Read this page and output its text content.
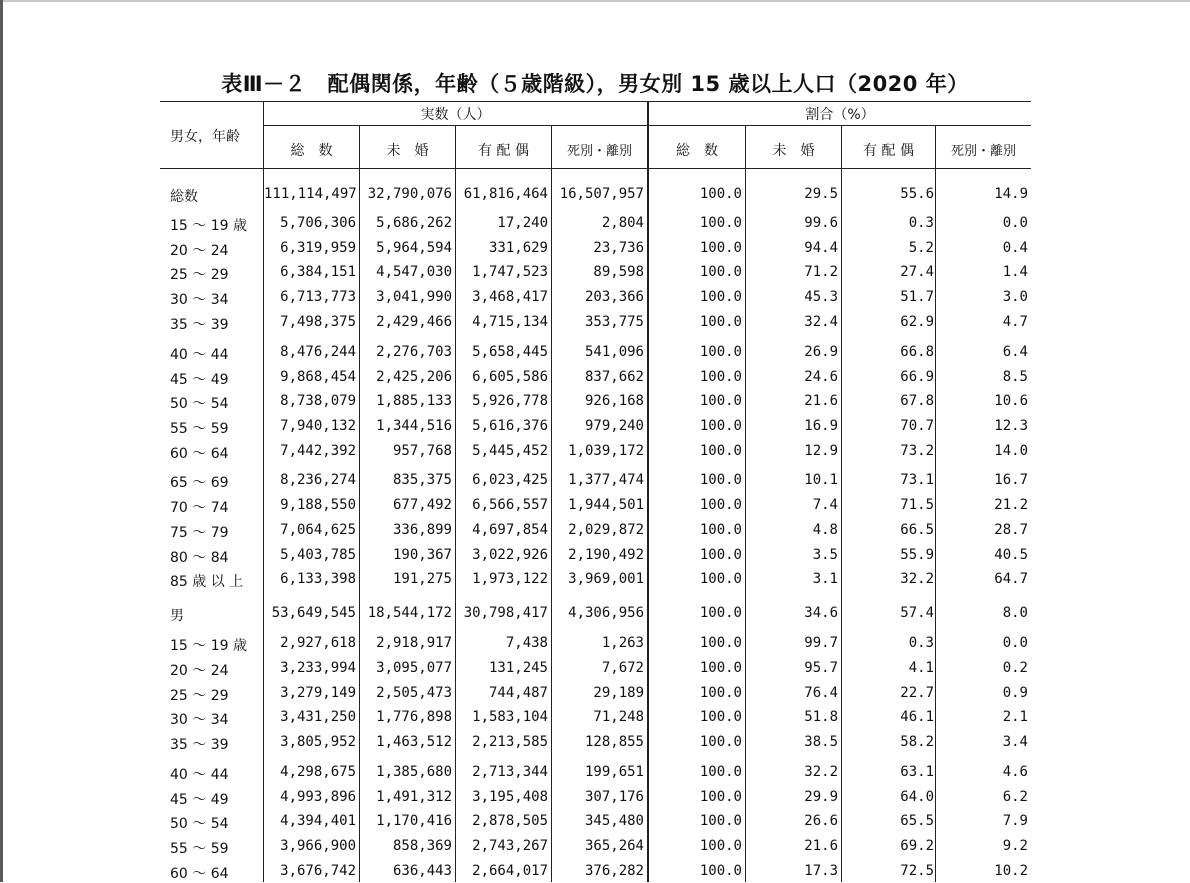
表Ⅲ－２　配偶関係，年齢（５歳階級），男女別 15 歳以上人口（2020 年）
男女，年齢
実数（人）	割合（%）
総　数	未　婚	有 配 偶	死別・離別	総　数	未　婚	有 配 偶	死別・離別
総数	111,114,497 32,790,076 61,816,464 16,507,957	100.0	29.5	55.6	14.9
15 ～ 19 歳	5,706,306	5,686,262	17,240	2,804	100.0	99.6	0.3	0.0
20 ～ 24	6,319,959	5,964,594	331,629	23,736	100.0	94.4	5.2	0.4
25 ～ 29	6,384,151	4,547,030	1,747,523	89,598	100.0	71.2	27.4	1.4
30 ～ 34	6,713,773	3,041,990	3,468,417	203,366	100.0	45.3	51.7	3.0
35 ～ 39	7,498,375	2,429,466	4,715,134	353,775	100.0	32.4	62.9	4.7
40 ～ 44	8,476,244	2,276,703	5,658,445	541,096	100.0	26.9	66.8	6.4
45 ～ 49	9,868,454	2,425,206	6,605,586	837,662	100.0	24.6	66.9	8.5
50 ～ 54	8,738,079	1,885,133	5,926,778	926,168	100.0	21.6	67.8	10.6
55 ～ 59	7,940,132	1,344,516	5,616,376	979,240	100.0	16.9	70.7	12.3
60 ～ 64	7,442,392	957,768	5,445,452	1,039,172	100.0	12.9	73.2	14.0
65 ～ 69	8,236,274	835,375	6,023,425	1,377,474	100.0	10.1	73.1	16.7
70 ～ 74	9,188,550	677,492	6,566,557	1,944,501	100.0	7.4	71.5	21.2
75 ～ 79	7,064,625	336,899	4,697,854	2,029,872	100.0	4.8	66.5	28.7
80 ～ 84	5,403,785	190,367	3,022,926	2,190,492	100.0	3.5	55.9	40.5
85 歳 以 上	6,133,398	191,275	1,973,122	3,969,001	100.0	3.1	32.2	64.7
男	53,649,545 18,544,172 30,798,417	4,306,956	100.0	34.6	57.4	8.0
15 ～ 19 歳	2,927,618	2,918,917	7,438	1,263	100.0	99.7	0.3	0.0
20 ～ 24	3,233,994	3,095,077	131,245	7,672	100.0	95.7	4.1	0.2
25 ～ 29	3,279,149	2,505,473	744,487	29,189	100.0	76.4	22.7	0.9
30 ～ 34	3,431,250	1,776,898	1,583,104	71,248	100.0	51.8	46.1	2.1
35 ～ 39	3,805,952	1,463,512	2,213,585	128,855	100.0	38.5	58.2	3.4
40 ～ 44	4,298,675	1,385,680	2,713,344	199,651	100.0	32.2	63.1	4.6
45 ～ 49	4,993,896	1,491,312	3,195,408	307,176	100.0	29.9	64.0	6.2
50 ～ 54	4,394,401	1,170,416	2,878,505	345,480	100.0	26.6	65.5	7.9
55 ～ 59	3,966,900	858,369	2,743,267	365,264	100.0	21.6	69.2	9.2
60 ～ 64	3,676,742	636,443	2,664,017	376,282	100.0	17.3	72.5	10.2
